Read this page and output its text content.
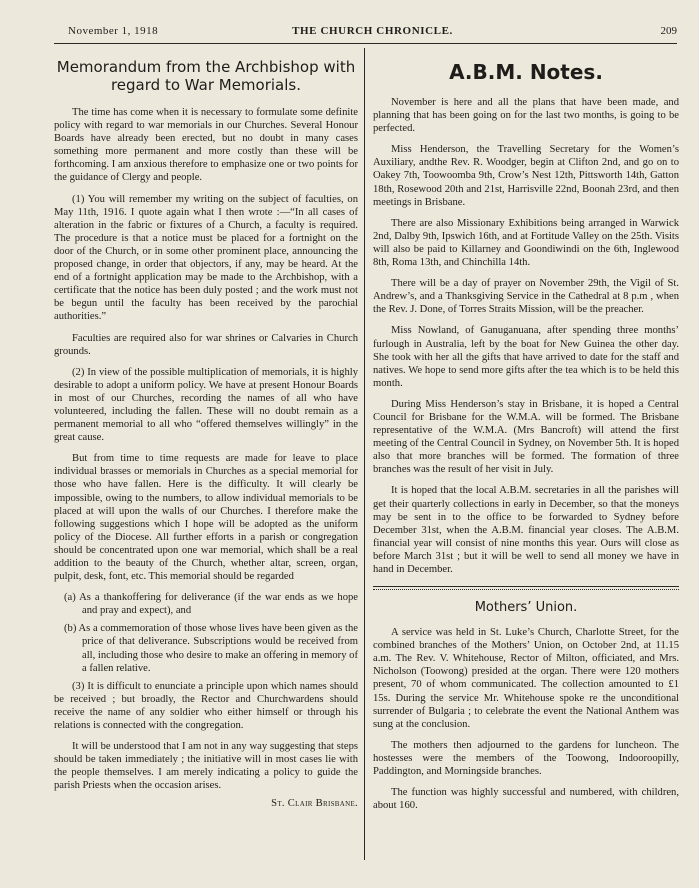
November 1, 1918	THE CHURCH CHRONICLE.	209
Memorandum from the Archbishop with regard to War Memorials.

The time has come when it is necessary to formulate some definite policy with regard to war memorials in our Churches. Several Honour Boards have already been erected, but no doubt in many cases something more permanent and more costly than these will be forthcoming. I am anxious therefore to emphasize one or two points for the guidance of Clergy and people.

(1) You will remember my writing on the subject of faculties, on May 11th, 1916. I quote again what I then wrote :—“In all cases of alteration in the fabric or fixtures of a Church, a faculty is required. The procedure is that a notice must be placed for a fortnight on the door of the Church, or in some other prominent place, announcing the proposed change, in order that objectors, if any, may be heard. At the end of a fortnight application may be made to the Archbishop, with a certificate that the notice has been duly posted ; and the work must not be begun until the faculty has been received by the parochial authorities.”

Faculties are required also for war shrines or Calvaries in Church grounds.

(2) In view of the possible multiplication of memorials, it is highly desirable to adopt a uniform policy. We have at present Honour Boards in most of our Churches, recording the names of all who have volunteered, including the fallen. These will no doubt remain as a permanent memorial to all who “offered themselves willingly” in the great cause.

But from time to time requests are made for leave to place individual brasses or memorials in Churches as a special memorial for those who have fallen. Here is the difficulty. It will clearly be impossible, owing to the numbers, to allow individual memorials to be placed at will upon the walls of our Churches. I therefore make the following suggestions which I hope will be adopted as the uniform policy of the Diocese. All further efforts in a parish or congregation should be concentrated upon one war memorial, which shall be a real addition to the beauty of the Church, whether altar, screen, organ, pulpit, desk, font, etc. This memorial should be regarded

(a) As a thankoffering for deliverance (if the war ends as we hope and pray and expect), and

(b) As a commemoration of those whose lives have been given as the price of that deliverance. Subscriptions would be received from all, including those who desire to make an offering in memory of a fallen relative.

(3) It is difficult to enunciate a principle upon which names should be received ; but broadly, the Rector and Churchwardens should receive the name of any soldier who either himself or through his relations is connected with the congregation.

It will be understood that I am not in any way suggesting that steps should be taken immediately ; the initiative will in most cases lie with the people themselves. I am merely indicating a policy to guide the parish Priests when the occasion arises.

St. Clair Brisbane.
A.B.M. Notes.

November is here and all the plans that have been made, and planning that has been going on for the last two months, is going to be perfected.

Miss Henderson, the Travelling Secretary for the Women’s Auxiliary, andthe Rev. R. Woodger, begin at Clifton 2nd, and go on to Oakey 7th, Toowoomba 9th, Crow’s Nest 12th, Pittsworth 14th, Gatton 18th, Rosewood 20th and 21st, Harrisville 22nd, Boonah 23rd, and then meetings in Brisbane.

There are also Missionary Exhibitions being arranged in Warwick 2nd, Dalby 9th, Ipswich 16th, and at Fortitude Valley on the 25th. Visits will also be paid to Killarney and Goondiwindi on the 6th, Inglewood 8th, Roma 13th, and Chinchilla 14th.

There will be a day of prayer on November 29th, the Vigil of St. Andrew’s, and a Thanksgiving Service in the Cathedral at 8 p.m , when the Rev. J. Done, of Torres Straits Mission, will be the preacher.

Miss Nowland, of Ganuganuana, after spending three months’ furlough in Australia, left by the boat for New Guinea the other day. She took with her all the gifts that have arrived to date for the staff and natives. We hope to send more gifts after the tea which is to be held this month.

During Miss Henderson’s stay in Brisbane, it is hoped a Central Council for Brisbane for the W.M.A. will be formed. The Brisbane representative of the W.M.A. (Mrs Bancroft) will attend the first meeting of the Central Council in Sydney, on November 5th. It is hoped also that more branches will be formed. The formation of three branches was the result of her visit in July.

It is hoped that the local A.B.M. secretaries in all the parishes will get their quarterly collections in early in December, so that the moneys may be sent in to the office to be forwarded to Sydney before December 31st, when the A.B.M. financial year closes. The A.B.M. financial year will consist of nine months this year. Ours will close as before March 31st ; but it will be well to send all money we have in hand in December.

Mothers’ Union.

A service was held in St. Luke’s Church, Charlotte Street, for the combined branches of the Mothers’ Union, on October 2nd, at 11.15 a.m. The Rev. V. Whitehouse, Rector of Milton, officiated, and Mrs. Nicholson (Toowong) presided at the organ. There were 120 mothers present, 70 of whom communicated. The collection amounted to £1 15s. During the service Mr. Whitehouse spoke re the unconditional surrender of Bulgaria ; to celebrate the event the National Anthem was sung at the conclusion.

The mothers then adjourned to the gardens for luncheon. The hostesses were the members of the Toowong, Indooroopilly, Paddington, and Morningside branches.

The function was highly successful and numbered, with children, about 160.
